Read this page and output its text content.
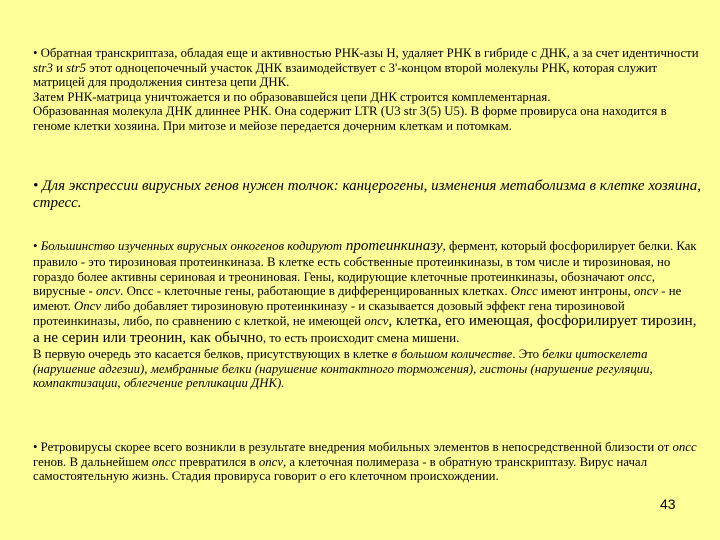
• Обратная транскриптаза, обладая еще и активностью РНК-азы Н, удаляет РНК в гибриде с ДНК, а за счет идентичности str3 и str5 этот одноцепочечный участок ДНК взаимодействует с 3'-концом второй молекулы РНК, которая служит матрицей для продолжения синтеза цепи ДНК.

Затем РНК-матрица уничтожается и по образовавшейся цепи ДНК строится комплементарная.

Образованная молекула ДНК длиннее РНК. Она содержит LTR (U3 str 3(5) U5). В форме провируса она находится в геноме клетки хозяина. При митозе и мейозе передается дочерним клеткам и потомкам.

• Для экспрессии вирусных генов нужен толчок: канцерогены, изменения метаболизма в клетке хозяина, стресс.

• Большинство изученных вирусных онкогенов кодируют протеинкиназу, фермент, который фосфорилирует белки. Как правило - это тирозиновая протеинкиназа. В клетке есть собственные протеинкиназы, в том числе и тирозиновая, но гораздо более активны сериновая и треониновая. Гены, кодирующие клеточные протеинкиназы, обозначают onсс, вирусные - onсv. Onсс - клеточные гены, работающие в дифференцированных клетках. Onсс имеют интроны, onсv - не имеют. Onсv либо добавляет тирозиновую протеинкиназу - и сказывается дозовый эффект гена тирозиновой протеинкиназы, либо, по сравнению с клеткой, не имеющей onсv, клетка, его имеющая, фосфорилирует тирозин, а не серин или треонин, как обычно, то есть происходит смена мишени.

В первую очередь это касается белков, присутствующих в клетке в большом количестве. Это белки цитоскелета (нарушение адгезии), мембранные белки (нарушение контактного торможения), гистоны (нарушение регуляции, компактизации, облегчение репликации ДНК).

• Ретровирусы скорее всего возникли в результате внедрения мобильных элементов в непосредственной близости от onсс генов. В дальнейшем onсс превратился в onсv, а клеточная полимераза - в обратную транскриптазу. Вирус начал самостоятельную жизнь. Стадия провируса говорит о его клеточном происхождении.

43
